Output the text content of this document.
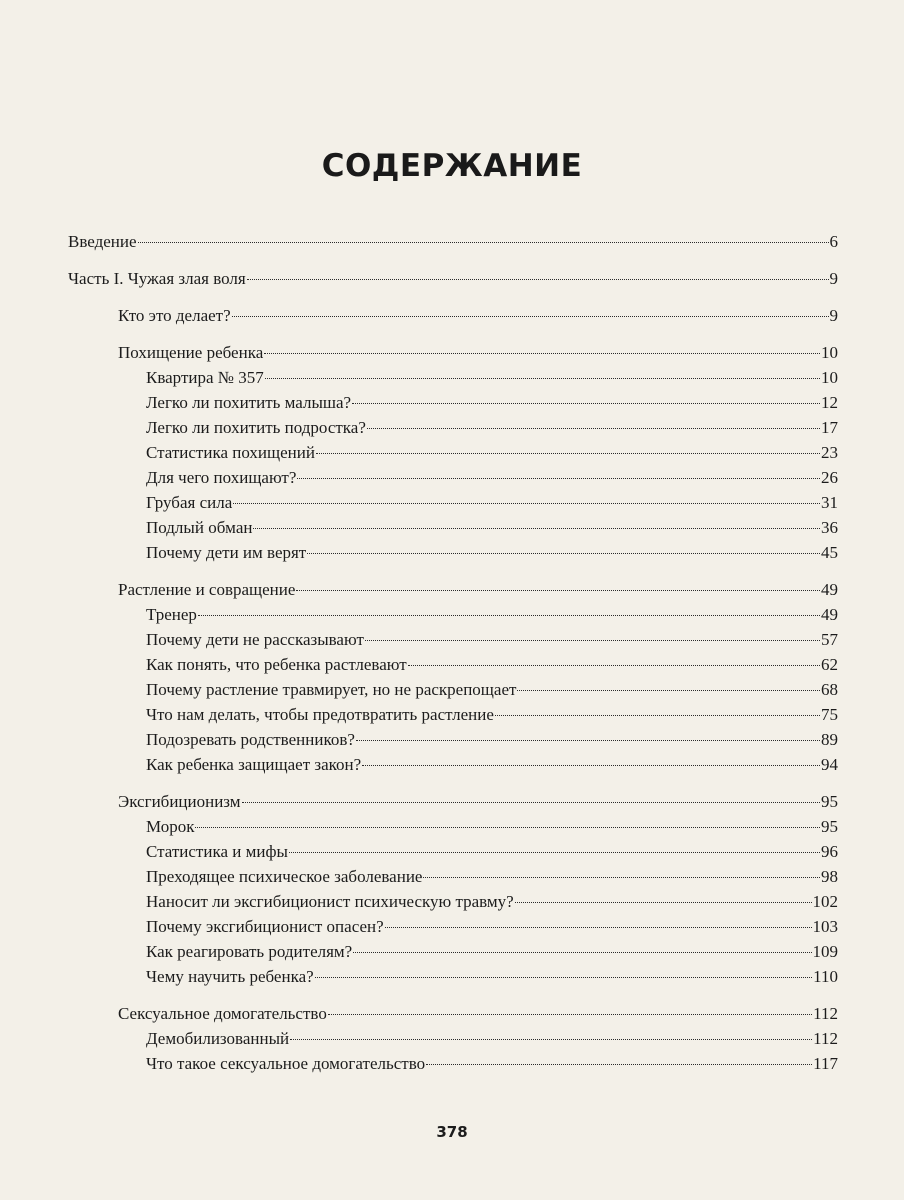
СОДЕРЖАНИЕ
Введение	6
Часть I. Чужая злая воля	9
Кто это делает?	9
Похищение ребенка	10
Квартира № 357	10
Легко ли похитить малыша?	12
Легко ли похитить подростка?	17
Статистика похищений	23
Для чего похищают?	26
Грубая сила	31
Подлый обман	36
Почему дети им верят	45
Растление и совращение	49
Тренер	49
Почему дети не рассказывают	57
Как понять, что ребенка растлевают	62
Почему растление травмирует, но не раскрепощает	68
Что нам делать, чтобы предотвратить растление	75
Подозревать родственников?	89
Как ребенка защищает закон?	94
Эксгибиционизм	95
Морок	95
Статистика и мифы	96
Преходящее психическое заболевание	98
Наносит ли эксгибиционист психическую травму?	102
Почему эксгибиционист опасен?	103
Как реагировать родителям?	109
Чему научить ребенка?	110
Сексуальное домогательство	112
Демобилизованный	112
Что такое сексуальное домогательство	117
378
